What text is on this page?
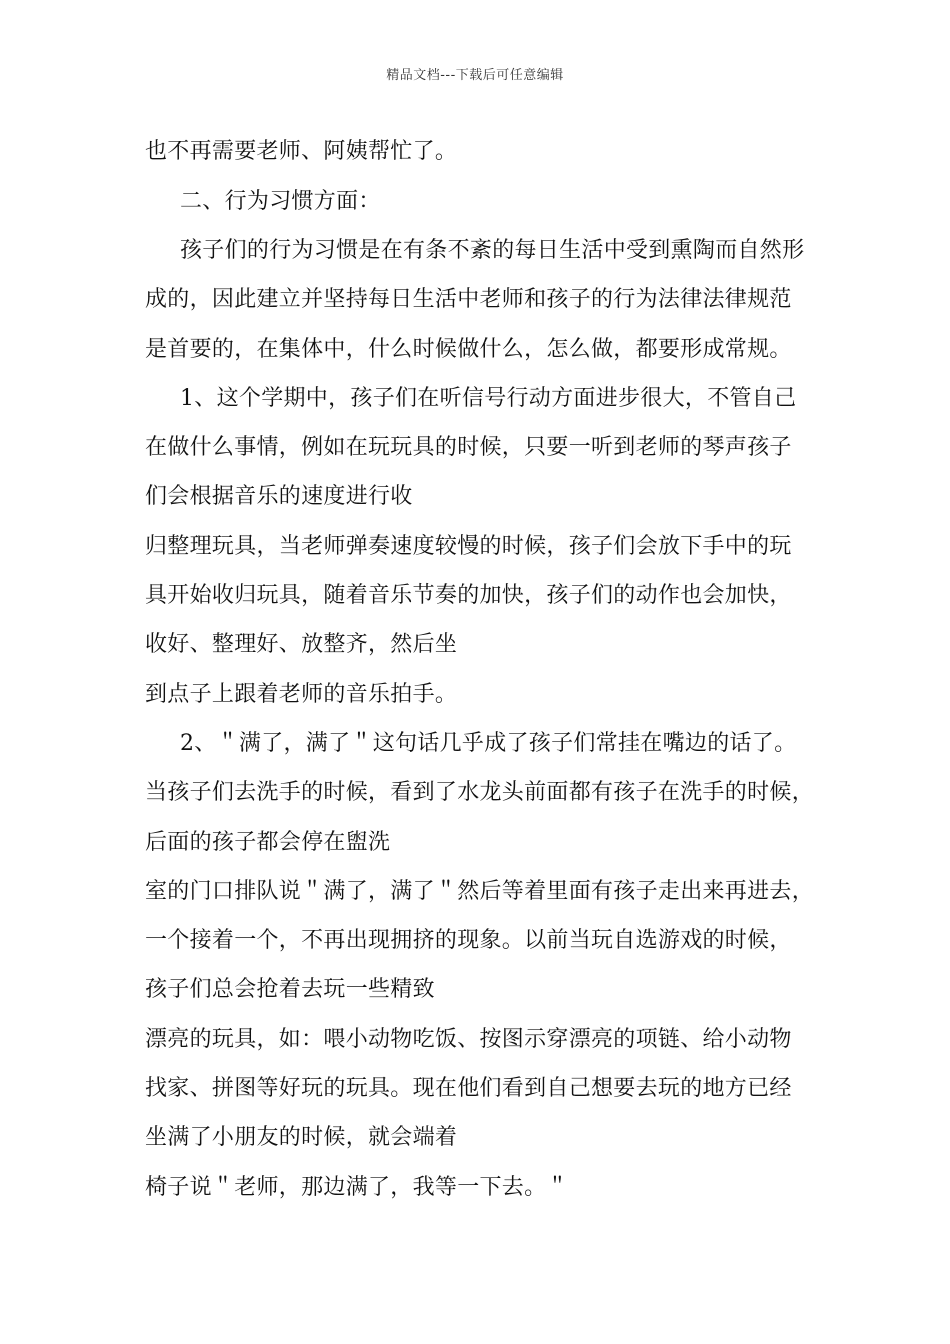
精品文档---下载后可任意编辑
也不再需要老师、阿姨帮忙了。
二、行为习惯方面：
孩子们的行为习惯是在有条不紊的每日生活中受到熏陶而自然形
成的，因此建立并坚持每日生活中老师和孩子的行为法律法律规范
是首要的，在集体中，什么时候做什么，怎么做，都要形成常规。
1、这个学期中，孩子们在听信号行动方面进步很大，不管自己
在做什么事情，例如在玩玩具的时候，只要一听到老师的琴声孩子
们会根据音乐的速度进行收
归整理玩具，当老师弹奏速度较慢的时候，孩子们会放下手中的玩
具开始收归玩具，随着音乐节奏的加快，孩子们的动作也会加快，
收好、整理好、放整齐，然后坐
到点子上跟着老师的音乐拍手。
2、＂满了，满了＂这句话几乎成了孩子们常挂在嘴边的话了。
当孩子们去洗手的时候，看到了水龙头前面都有孩子在洗手的时候，
后面的孩子都会停在盥洗
室的门口排队说＂满了，满了＂然后等着里面有孩子走出来再进去，
一个接着一个，不再出现拥挤的现象。以前当玩自选游戏的时候，
孩子们总会抢着去玩一些精致
漂亮的玩具，如：喂小动物吃饭、按图示穿漂亮的项链、给小动物
找家、拼图等好玩的玩具。现在他们看到自己想要去玩的地方已经
坐满了小朋友的时候，就会端着
椅子说＂老师，那边满了，我等一下去。＂
